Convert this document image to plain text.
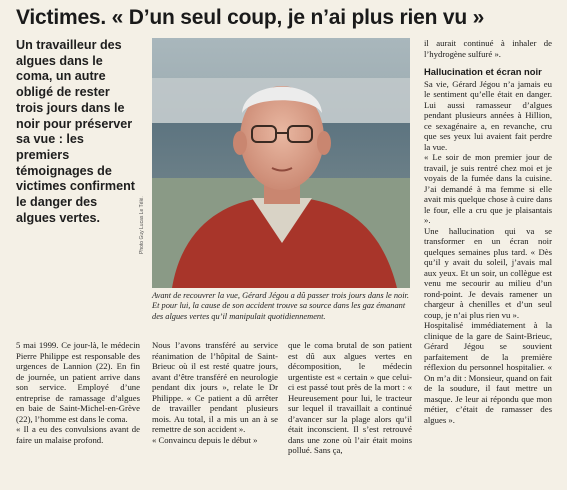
Victimes. « D’un seul coup, je n’ai plus rien vu »
Un travailleur des algues dans le coma, un autre obligé de rester trois jours dans le noir pour préserver sa vue : les premiers témoignages de victimes confirment le danger des algues vertes.	Photo Guy Lucas Le Télé.
Avant de recouvrer la vue, Gérard Jégou a dû passer trois jours dans le noir. Et pour lui, la cause de son accident trouve sa source dans les gaz émanant des algues vertes qu’il manipulait quotidiennement.

5 mai 1999. Ce jour-là, le médecin Pierre Philippe est responsable des urgences de Lannion (22). En fin de journée, un patient arrive dans son service. Employé d’une entreprise de ramassage d’algues en baie de Saint-Michel-en-Grève (22), l’homme est dans le coma.

« Il a eu des convulsions avant de faire un malaise profond.

Nous l’avons transféré au service réanimation de l’hôpital de Saint-Brieuc où il est resté quatre jours, avant d’être transféré en neurologie pendant dix jours », relate le Dr Philippe. « Ce patient a dû arrêter de travailler pendant plusieurs mois. Au total, il a mis un an à se remettre de son accident ».

« Convaincu depuis le début »

que le coma brutal de son patient est dû aux algues vertes en décomposition, le médecin urgentiste est « certain » que celui-ci est passé tout près de la mort : « Heureusement pour lui, le tracteur sur lequel il travaillait a continué d’avancer sur la plage alors qu’il était inconscient. Il s’est retrouvé dans une zone où l’air était moins pollué. Sans ça,

il aurait continué à inhaler de l’hydrogène sulfuré ».

Hallucination et écran noir

Sa vie, Gérard Jégou n’a jamais eu le sentiment qu’elle était en danger. Lui aussi ramasseur d’algues pendant plusieurs années à Hillion, ce sexagénaire a, en revanche, cru que ses yeux lui avaient fait perdre la vue.

« Le soir de mon premier jour de travail, je suis rentré chez moi et je voyais de la fumée dans la cuisine. J’ai demandé à ma femme si elle avait mis quelque chose à cuire dans le four, elle a cru que je plaisantais ».

Une hallucination qui va se transformer en un écran noir quelques semaines plus tard. « Dès qu’il y avait du soleil, j’avais mal aux yeux. Et un soir, un collègue est venu me secourir au milieu d’un rond-point. Je devais ramener un chargeur à chenilles et d’un seul coup, je n’ai plus rien vu ».

Hospitalisé immédiatement à la clinique de la gare de Saint-Brieuc, Gérard Jégou se souvient parfaitement de la première réflexion du personnel hospitalier. « On m’a dit : Monsieur, quand on fait de la soudure, il faut mettre un masque. Je leur ai répondu que mon métier, c’était de ramasser des algues ».
